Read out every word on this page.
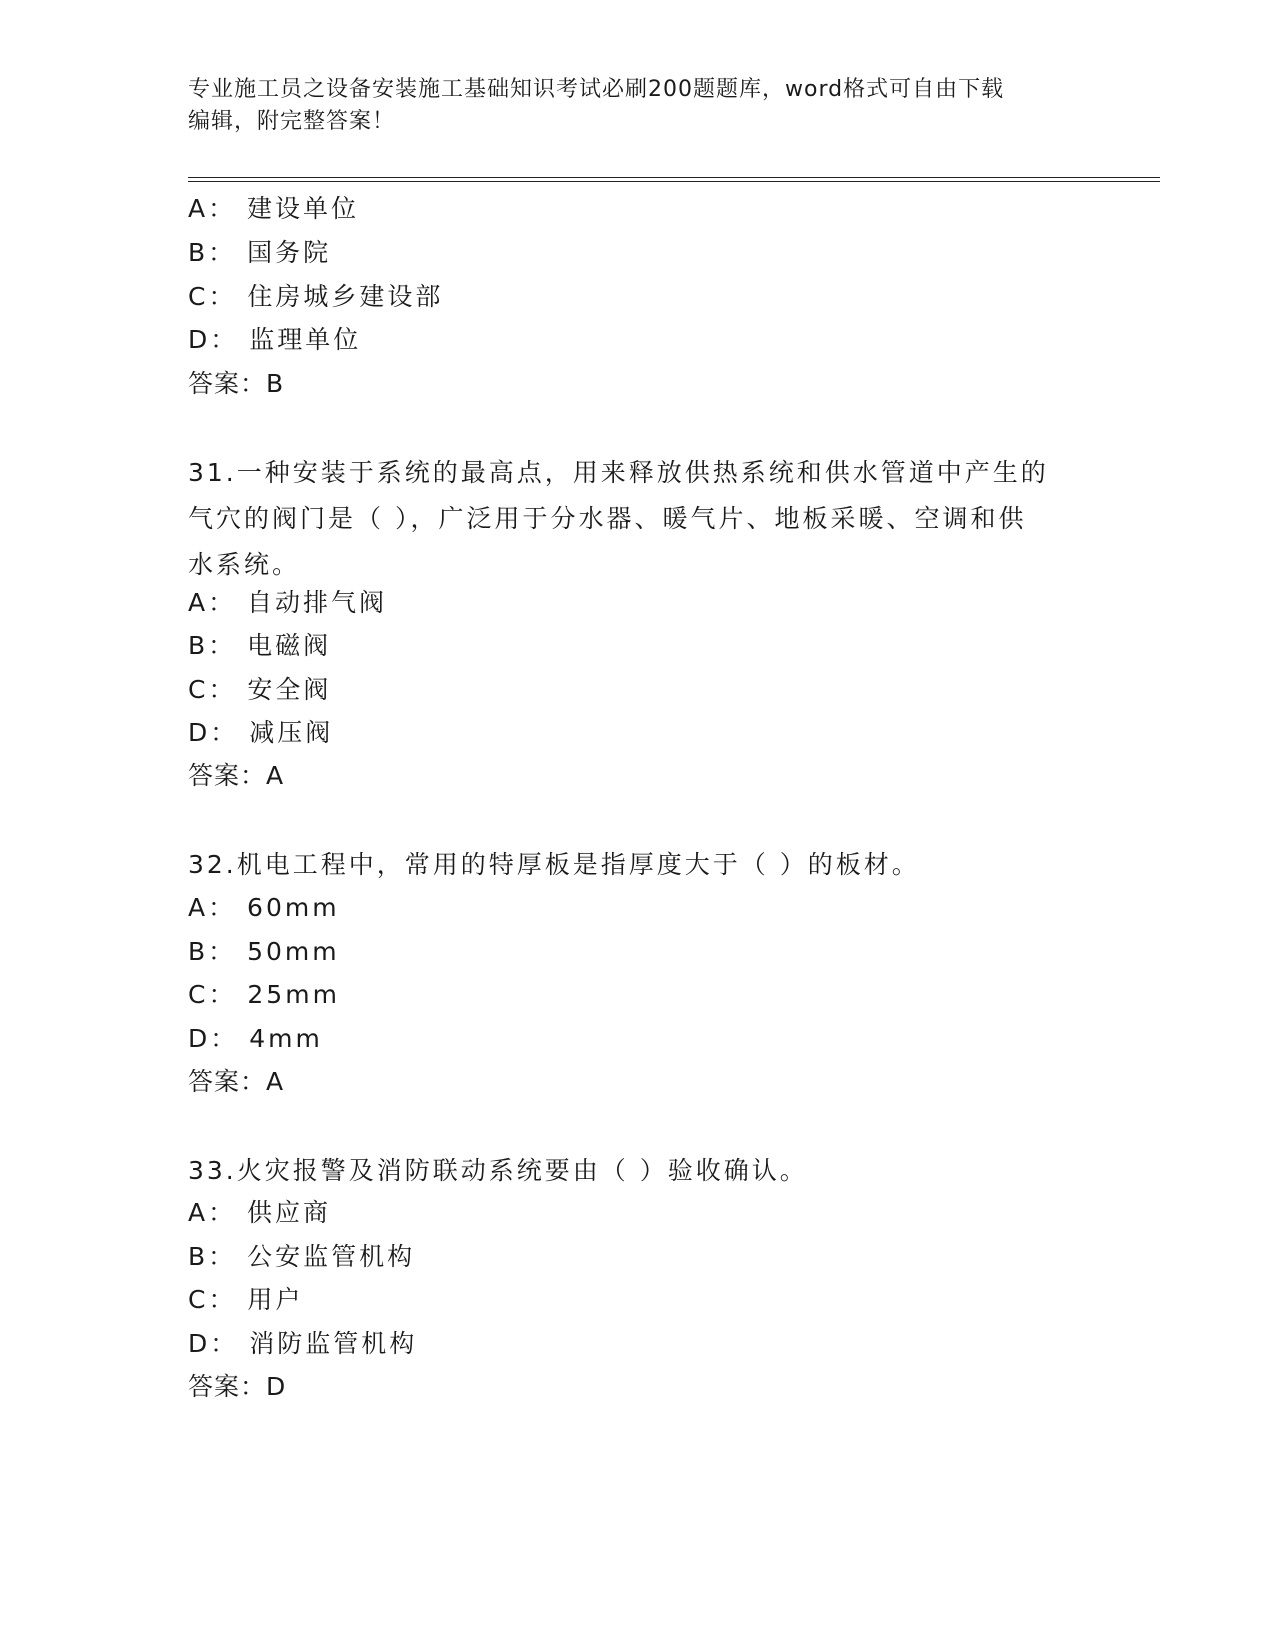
专业施工员之设备安装施工基础知识考试必刷200题题库，word格式可自由下载
编辑，附完整答案！
A： 建设单位
B： 国务院
C： 住房城乡建设部
D： 监理单位
答案：B
31.一种安装于系统的最高点，用来释放供热系统和供水管道中产生的
气穴的阀门是（ ），广泛用于分水器、暖气片、地板采暖、空调和供
水系统。
A： 自动排气阀
B： 电磁阀
C： 安全阀
D： 减压阀
答案：A
32.机电工程中，常用的特厚板是指厚度大于（ ）的板材。
A： 60mm
B： 50mm
C： 25mm
D： 4mm
答案：A
33.火灾报警及消防联动系统要由（ ）验收确认。
A： 供应商
B： 公安监管机构
C： 用户
D： 消防监管机构
答案：D
